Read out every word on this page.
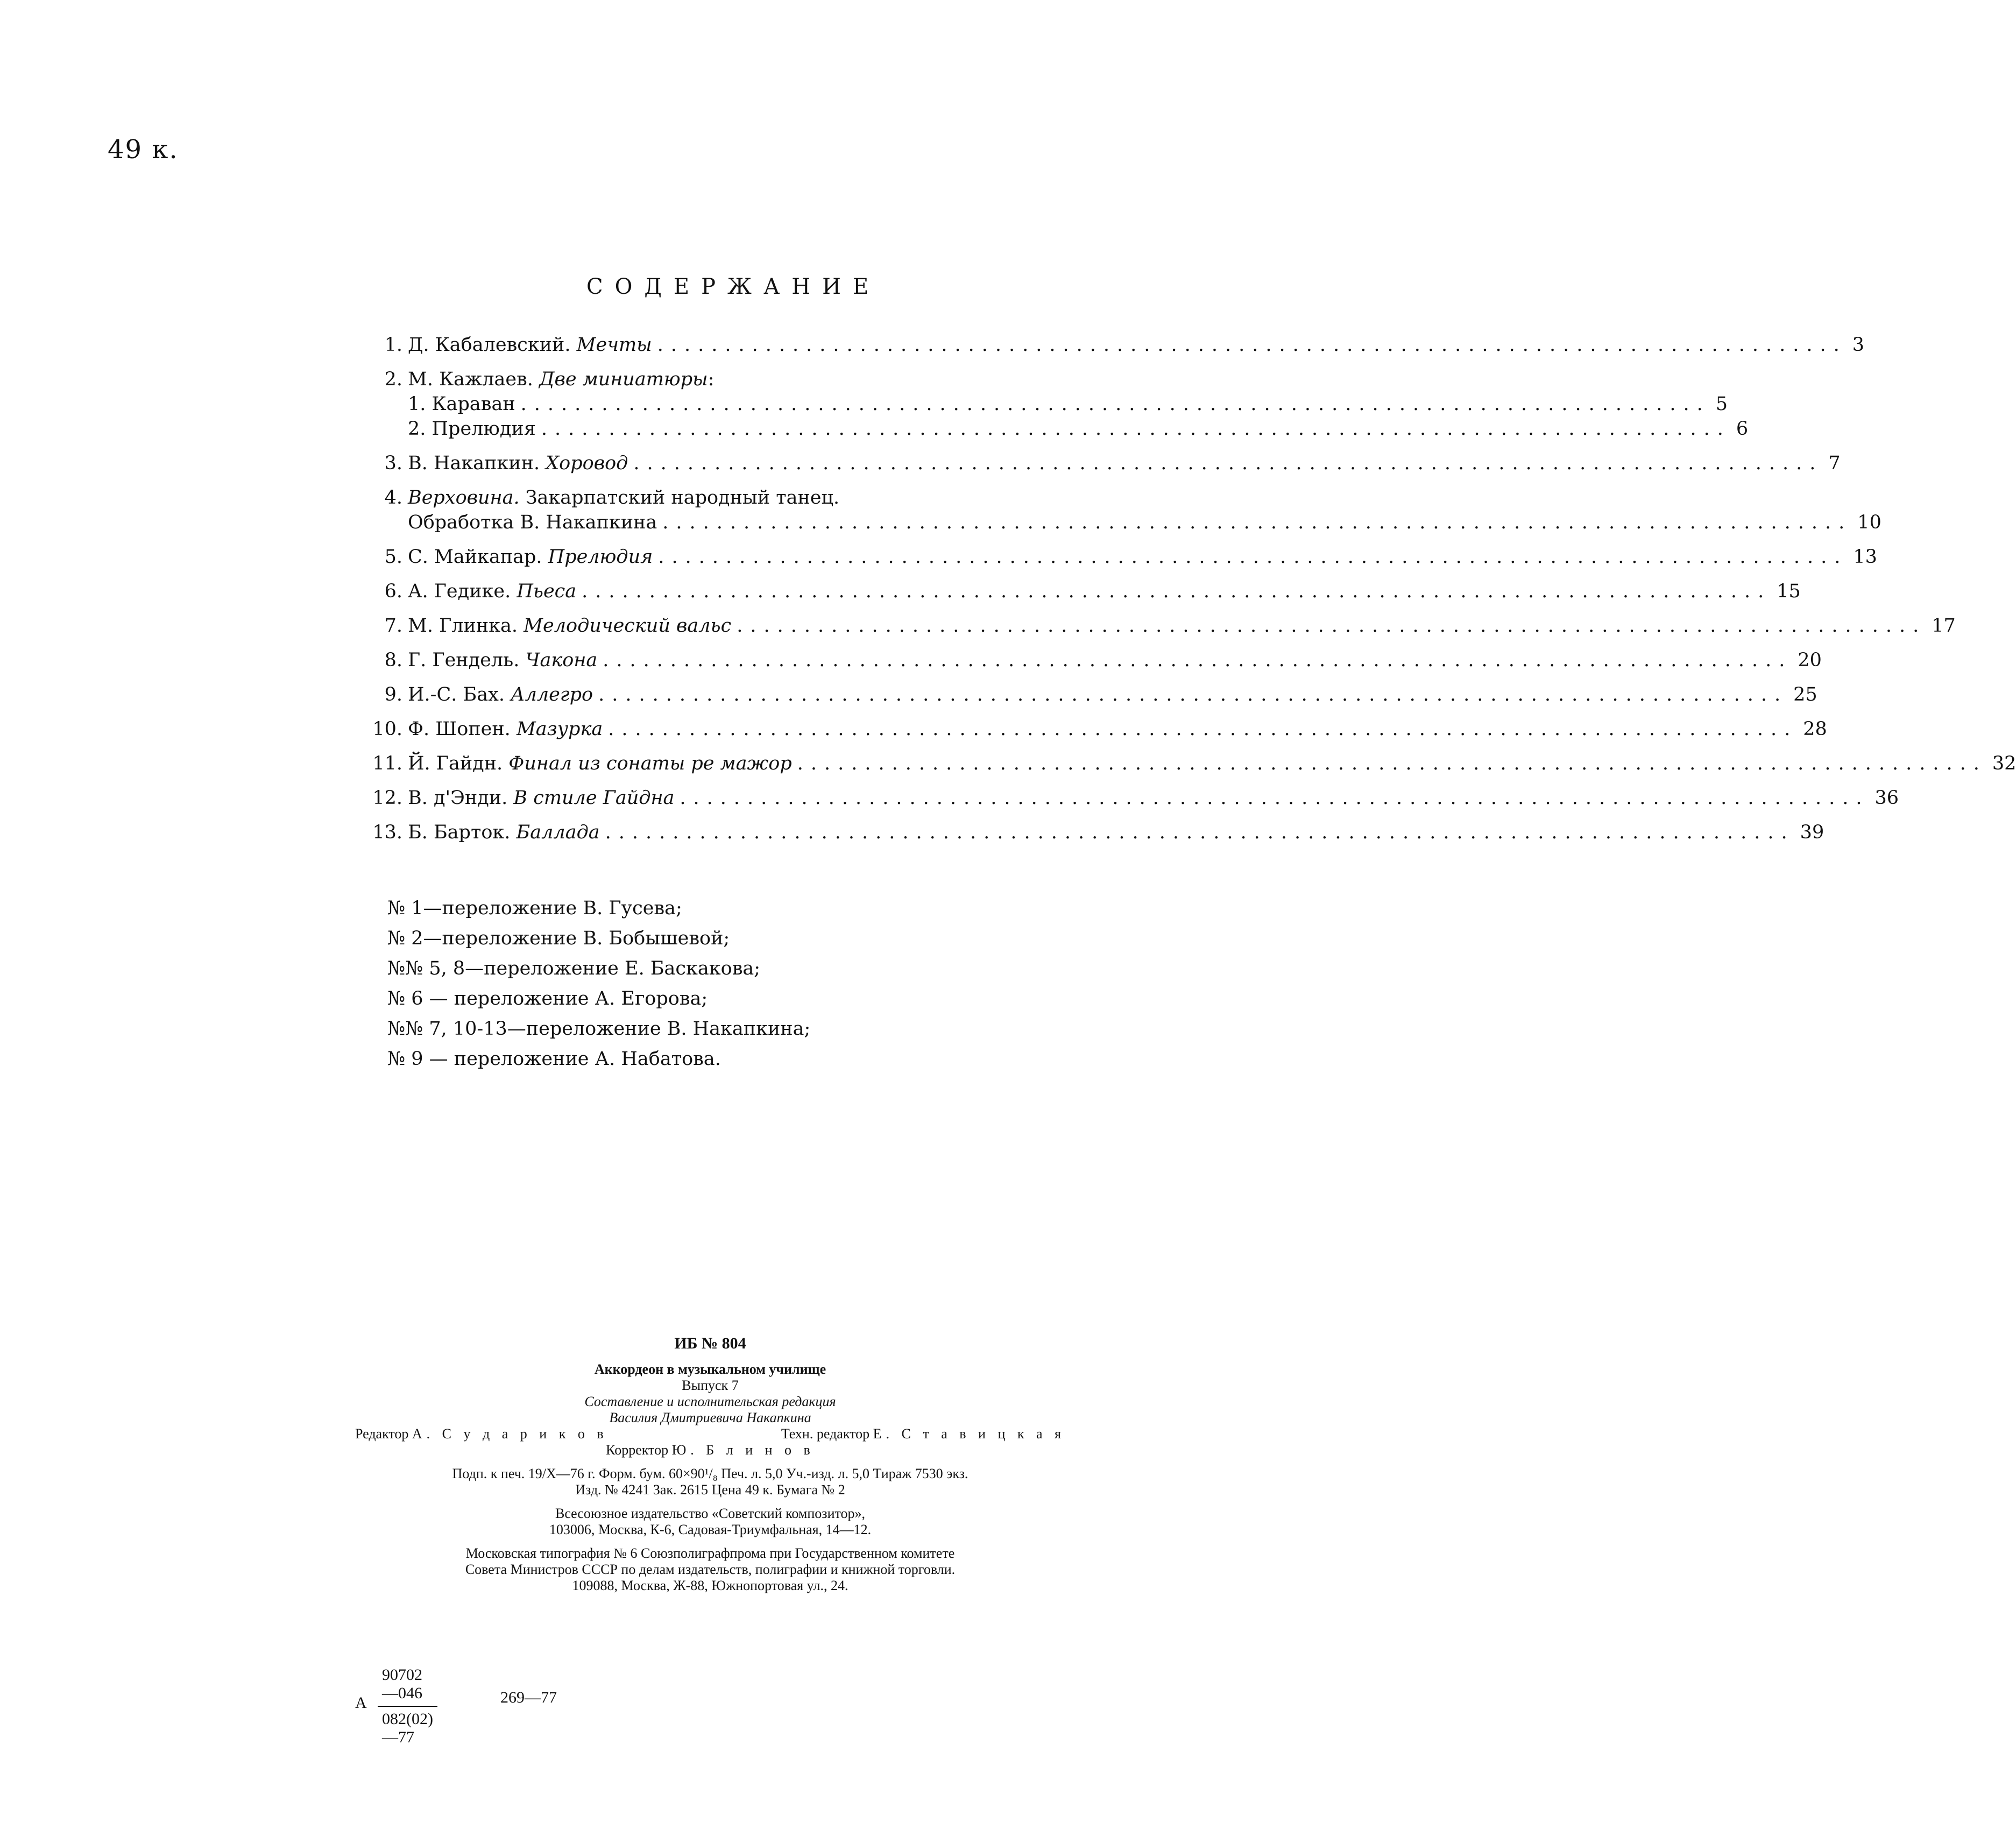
49 к.
СОДЕРЖАНИЕ
1. Д. Кабалевский. Мечты ........................................................................................ 3
2. М. Кажлаев. Две миниатюры:
1. Караван ........................................................................................ 5
2. Прелюдия ........................................................................................ 6
3. В. Накапкин. Хоровод ........................................................................................ 7
4. Верховина. Закарпатский народный танец.
Обработка В. Накапкина ........................................................................................ 10
5. С. Майкапар. Прелюдия ........................................................................................ 13
6. А. Гедике. Пьеса ........................................................................................ 15
7. М. Глинка. Мелодический вальс ........................................................................................ 17
8. Г. Гендель. Чакона ........................................................................................ 20
9. И.-С. Бах. Аллегро ........................................................................................ 25
10. Ф. Шопен. Мазурка ........................................................................................ 28
11. Й. Гайдн. Финал из сонаты ре мажор ........................................................................................ 32
12. В. д'Энди. В стиле Гайдна ........................................................................................ 36
13. Б. Барток. Баллада ........................................................................................ 39
№ 1—переложение В. Гусева;
№ 2—переложение В. Бобышевой;
№№ 5, 8—переложение Е. Баскакова;
№ 6 — переложение А. Егорова;
№№ 7, 10-13—переложение В. Накапкина;
№ 9 — переложение А. Набатова.
ИБ № 804
Аккордеон в музыкальном училище
Выпуск 7
Составление и исполнительская редакция
Василия Дмитриевича Накапкина
Редактор А. С у д а р и к о в	Техн. редактор Е. С т а в и ц к а я
Корректор Ю. Б л и н о в
Подп. к печ. 19/X—76 г. Форм. бум. 60×90¹/₈ Печ. л. 5,0 Уч.-изд. л. 5,0 Тираж 7530 экз.
Изд. № 4241 Зак. 2615 Цена 49 к. Бумага № 2
Всесоюзное издательство «Советский композитор»,
103006, Москва, К-6, Садовая-Триумфальная, 14—12.
Московская типография № 6 Союзполиграфпрома при Государственном комитете
Совета Министров СССР по делам издательств, полиграфии и книжной торговли.
109088, Москва, Ж-88, Южнопортовая ул., 24.
А $\frac{90702—046}{082(02)—77}$	269—77
